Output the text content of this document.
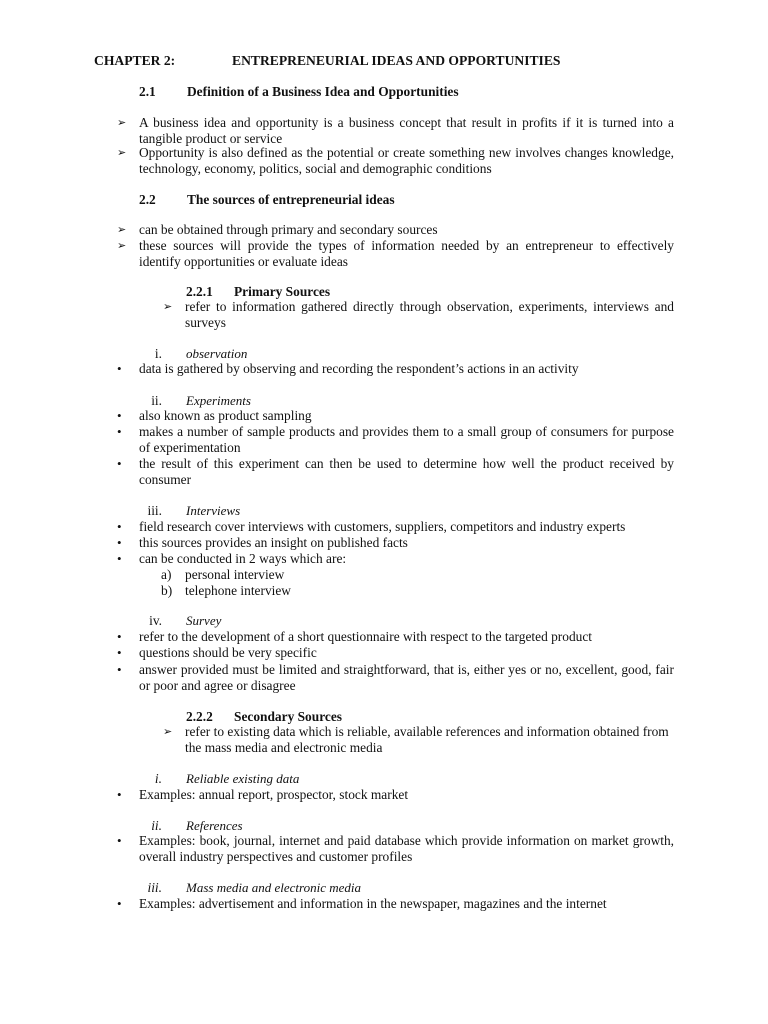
CHAPTER 2:	ENTREPRENEURIAL IDEAS AND OPPORTUNITIES
2.1 Definition of a Business Idea and Opportunities
➢ A business idea and opportunity is a business concept that result in profits if it is turned into a tangible product or service
➢ Opportunity is also defined as the potential or create something new involves changes knowledge, technology, economy, politics, social and demographic conditions
2.2 The sources of entrepreneurial ideas
➢ can be obtained through primary and secondary sources
➢ these sources will provide the types of information needed by an entrepreneur to effectively identify opportunities or evaluate ideas
2.2.1 Primary Sources
➢ refer to information gathered directly through observation, experiments, interviews and surveys
i. observation
• data is gathered by observing and recording the respondent’s actions in an activity
ii. Experiments
• also known as product sampling
• makes a number of sample products and provides them to a small group of consumers for purpose of experimentation
• the result of this experiment can then be used to determine how well the product received by consumer
iii. Interviews
• field research cover interviews with customers, suppliers, competitors and industry experts
• this sources provides an insight on published facts
• can be conducted in 2 ways which are:
a) personal interview
b) telephone interview
iv. Survey
• refer to the development of a short questionnaire with respect to the targeted product
• questions should be very specific
• answer provided must be limited and straightforward, that is, either yes or no, excellent, good, fair or poor and agree or disagree
2.2.2 Secondary Sources
➢ refer to existing data which is reliable, available references and information obtained from the mass media and electronic media
i. Reliable existing data
• Examples: annual report, prospector, stock market
ii. References
• Examples: book, journal, internet and paid database which provide information on market growth, overall industry perspectives and customer profiles
iii. Mass media and electronic media
• Examples: advertisement and information in the newspaper, magazines and the internet
